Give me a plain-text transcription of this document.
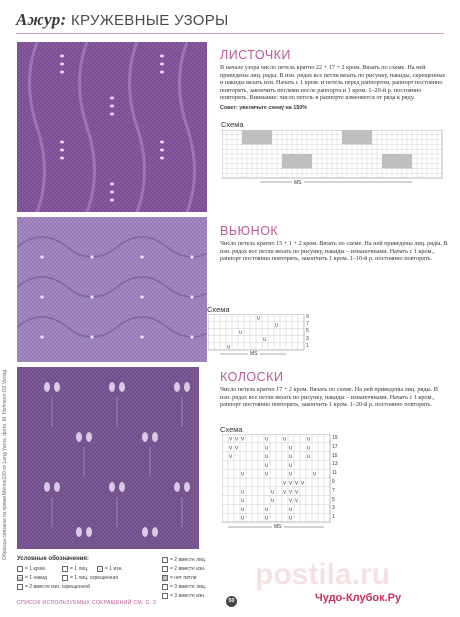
Ажур: КРУЖЕВНЫЕ УЗОРЫ
Образцы связаны из пряжи Merino120 от Lang Yarns, фото: M. Hofmann OZ Verlag
ЛИСТОЧКИ
В начале узора число петель кратно 22 + 17 + 2 кром. Вязать по схеме. На ней приведены лиц. ряды. В изн. рядах все петли вязать по рисунку, накиды, скрещенные и накиды вязать изн. Начать с 1 кром. и петель перед раппортом, раппорт постоянно повторять, закончить петлями после раппорта и 1 кром. 1–20-й р. постоянно повторять. Внимание: число петель в раппорте изменяется от ряда к ряду.
Совет: увеличьте схему на 150%
Схема
MS
ВЬЮНОК
Число петель кратно 15 + 1 + 2 кром. Вязать по схеме. На ней приведены лиц. ряды. В изн. рядах все петли вязать по рисунку, накиды – изнаночными. Начать с 1 кром., раппорт постоянно повторять, закончить 1 кром. 1–10-й р. постоянно повторять.
Схема
U
U
U
U
U
9
7
5
3
1
MS
КОЛОСКИ
Число петель кратно 17 + 2 кром. Вязать по схеме. На ней приведены лиц. ряды. В изн. рядах все петли вязать по рисунку, накиды – изнаночными. Начать с 1 кром., раппорт постоянно повторять, закончить 1 кром. 1–20-й р. постоянно повторять.
Схема
V V V	U	U	U
V V	U	U	U
V	U	U	U
U	U
U	U	U	U
V V V V
U	U V V V
U	U	V V
U	U	U
U	U	U
19
17
15
13
11
9
7
5
3
1
MS
Условные обозначения:
= 1 кром.
U = 1 накид
= 1 лиц.	– = 1 изн.
= 1 лиц. скрещенная
= 2 вместе изн. скрещенной
= 2 вместе лиц.
= 2 вместе изн.
= нет петли
= 3 вместе лиц.
= 3 вместе изн.
postila.ru
СПИСОК ИСПОЛЬЗУЕМЫХ СОКРАЩЕНИЙ СМ. С. 3	50	Чудо-Клубок.Ру
